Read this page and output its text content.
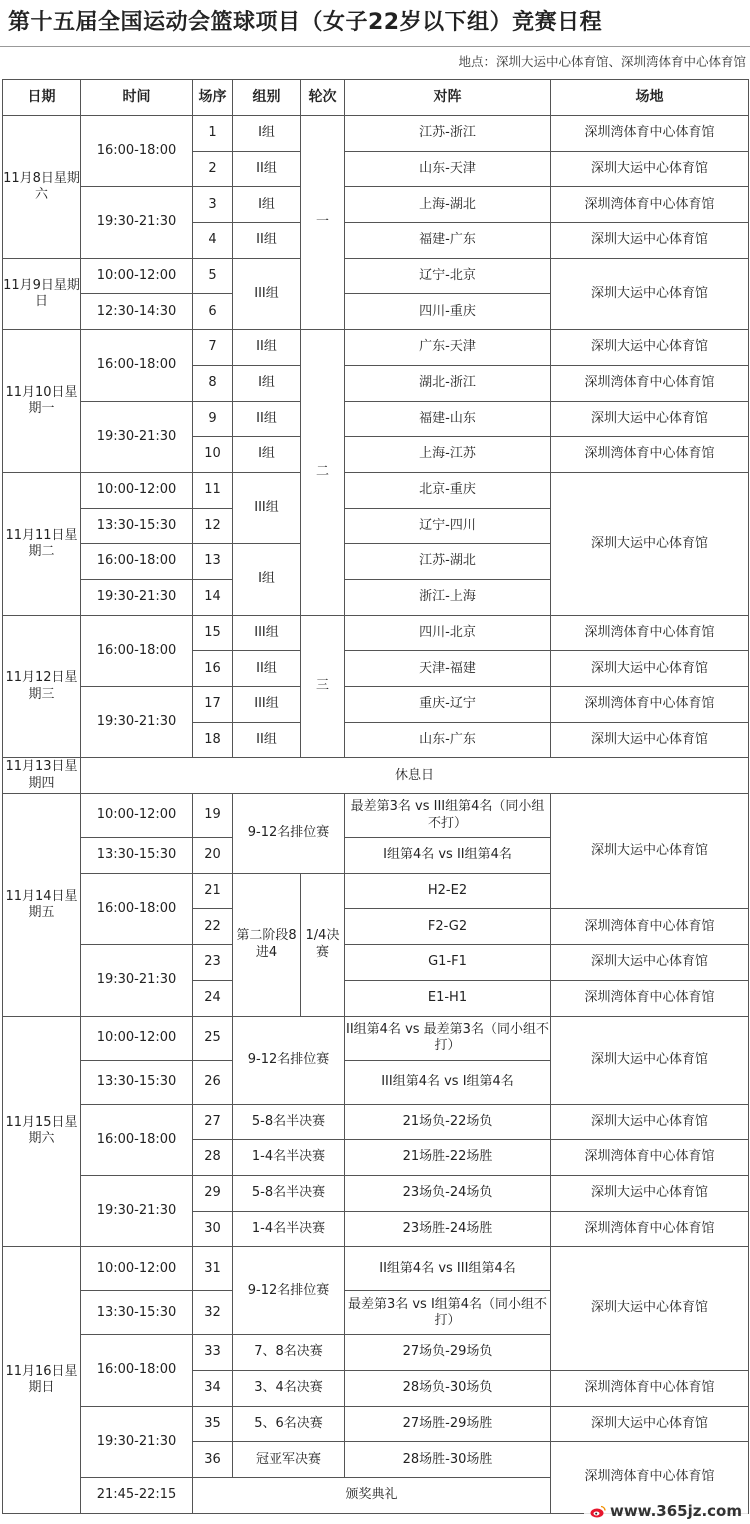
第十五届全国运动会篮球项目（女子22岁以下组）竞赛日程
地点：深圳大运中心体育馆、深圳湾体育中心体育馆
日期	时间	场序	组别	轮次	对阵	场地
11月8日星期六	16:00-18:00	1	I组	一	江苏-浙江	深圳湾体育中心体育馆
		2	II组		山东-天津	深圳大运中心体育馆
	19:30-21:30	3	I组		上海-湖北	深圳湾体育中心体育馆
		4	II组		福建-广东	深圳大运中心体育馆
11月9日星期日	10:00-12:00	5	III组		辽宁-北京	深圳大运中心体育馆
	12:30-14:30	6			四川-重庆	
11月10日星期一	16:00-18:00	7	II组	二	广东-天津	深圳大运中心体育馆
		8	I组		湖北-浙江	深圳湾体育中心体育馆
	19:30-21:30	9	II组		福建-山东	深圳大运中心体育馆
		10	I组		上海-江苏	深圳湾体育中心体育馆
11月11日星期二	10:00-12:00	11	III组		北京-重庆	深圳大运中心体育馆
	13:30-15:30	12			辽宁-四川	
	16:00-18:00	13	I组		江苏-湖北	
	19:30-21:30	14			浙江-上海	
11月12日星期三	16:00-18:00	15	III组	三	四川-北京	深圳湾体育中心体育馆
		16	II组		天津-福建	深圳大运中心体育馆
	19:30-21:30	17	III组		重庆-辽宁	深圳湾体育中心体育馆
		18	II组		山东-广东	深圳大运中心体育馆
11月13日星期四	休息日					
11月14日星期五	10:00-12:00	19	9-12名排位赛		最差第3名 vs III组第4名（同小组不打）	深圳大运中心体育馆
	13:30-15:30	20			I组第4名 vs II组第4名	
	16:00-18:00	21	第二阶段8进4	1/4决赛	H2-E2	
		22			F2-G2	深圳湾体育中心体育馆
	19:30-21:30	23			G1-F1	深圳大运中心体育馆
		24			E1-H1	深圳湾体育中心体育馆
11月15日星期六	10:00-12:00	25	9-12名排位赛		II组第4名 vs 最差第3名（同小组不打）	深圳大运中心体育馆
	13:30-15:30	26			III组第4名 vs I组第4名	
	16:00-18:00	27	5-8名半决赛		21场负-22场负	深圳大运中心体育馆
		28	1-4名半决赛		21场胜-22场胜	深圳湾体育中心体育馆
	19:30-21:30	29	5-8名半决赛		23场负-24场负	深圳大运中心体育馆
		30	1-4名半决赛		23场胜-24场胜	深圳湾体育中心体育馆
11月16日星期日	10:00-12:00	31	9-12名排位赛		II组第4名 vs III组第4名	深圳大运中心体育馆
	13:30-15:30	32			最差第3名 vs I组第4名（同小组不打）	
	16:00-18:00	33	7、8名决赛		27场负-29场负	
		34	3、4名决赛		28场负-30场负	深圳湾体育中心体育馆
	19:30-21:30	35	5、6名决赛		27场胜-29场胜	深圳大运中心体育馆
		36	冠亚军决赛		28场胜-30场胜	深圳湾体育中心体育馆
	21:45-22:15	颁奖典礼				
www.365jz.com
